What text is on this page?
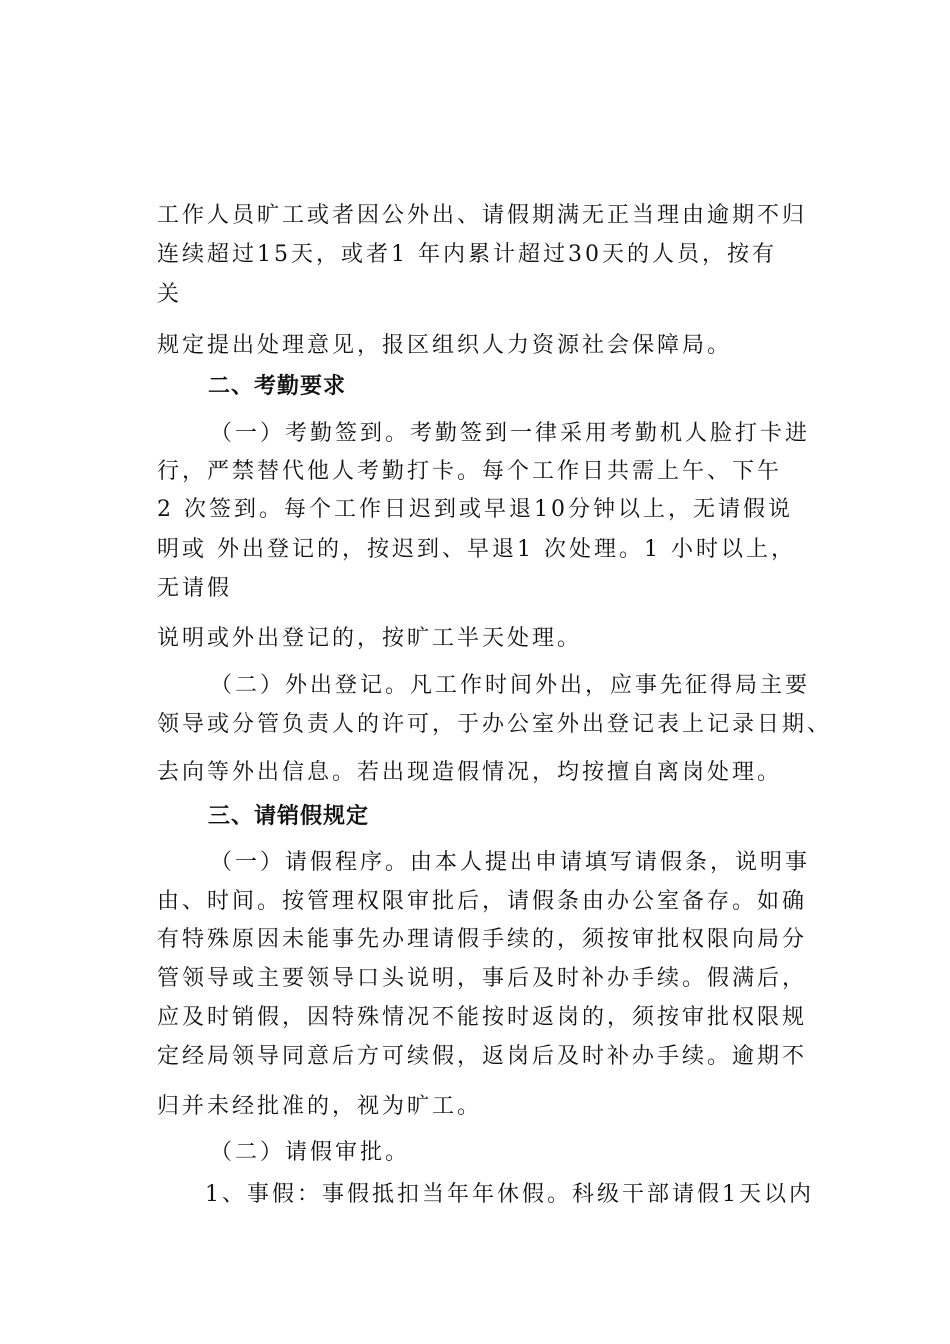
工作人员旷工或者因公外出、请假期满无正当理由逾期不归
连续超过15天，或者1 年内累计超过30天的人员，按有
关
规定提出处理意见，报区组织人力资源社会保障局。
二、考勤要求
（一）考勤签到。考勤签到一律采用考勤机人脸打卡进
行，严禁替代他人考勤打卡。每个工作日共需上午、下午
2 次签到。每个工作日迟到或早退10分钟以上，无请假说
明或 外出登记的，按迟到、早退1 次处理。1 小时以上，
无请假
说明或外出登记的，按旷工半天处理。
（二）外出登记。凡工作时间外出，应事先征得局主要
领导或分管负责人的许可，于办公室外出登记表上记录日期、
去向等外出信息。若出现造假情况，均按擅自离岗处理。
三、请销假规定
（一）请假程序。由本人提出申请填写请假条，说明事
由、时间。按管理权限审批后，请假条由办公室备存。如确
有特殊原因未能事先办理请假手续的，须按审批权限向局分
管领导或主要领导口头说明，事后及时补办手续。假满后，
应及时销假，因特殊情况不能按时返岗的，须按审批权限规
定经局领导同意后方可续假，返岗后及时补办手续。逾期不
归并未经批准的，视为旷工。
（二）请假审批。
1、事假：事假抵扣当年年休假。科级干部请假1天以内
